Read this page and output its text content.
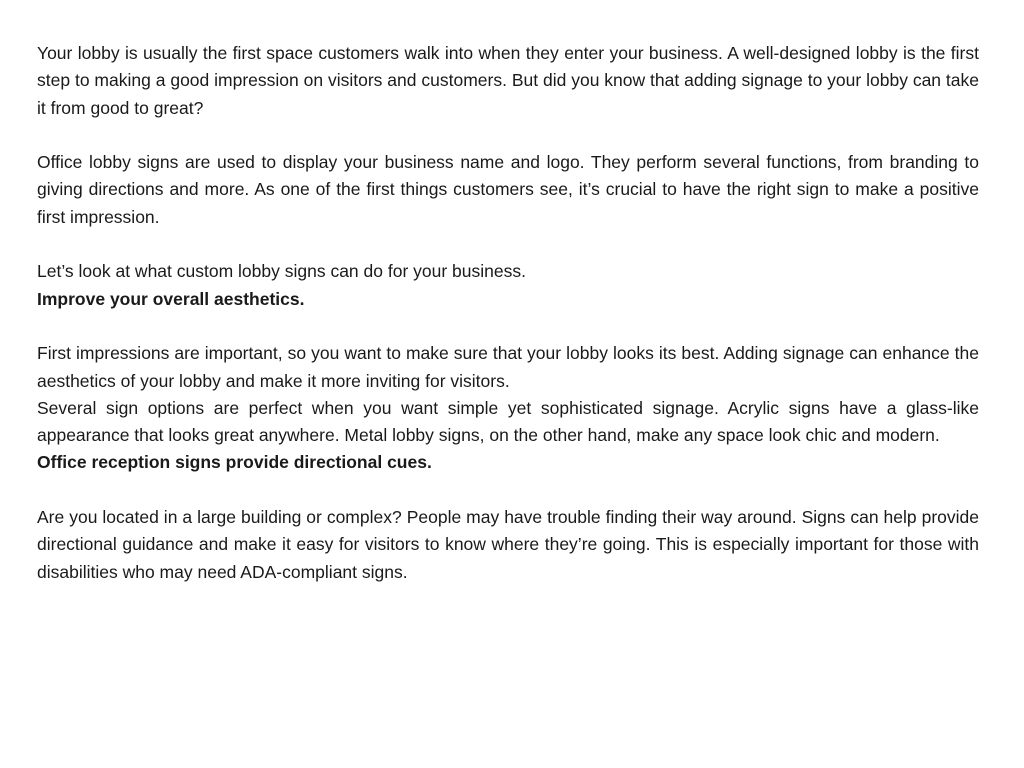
Your lobby is usually the first space customers walk into when they enter your business. A well-designed lobby is the first step to making a good impression on visitors and customers. But did you know that adding signage to your lobby can take it from good to great?

Office lobby signs are used to display your business name and logo. They perform several functions, from branding to giving directions and more. As one of the first things customers see, it’s crucial to have the right sign to make a positive first impression.

Let’s look at what custom lobby signs can do for your business.

Improve your overall aesthetics.

First impressions are important, so you want to make sure that your lobby looks its best. Adding signage can enhance the aesthetics of your lobby and make it more inviting for visitors.

Several sign options are perfect when you want simple yet sophisticated signage. Acrylic signs have a glass-like appearance that looks great anywhere. Metal lobby signs, on the other hand, make any space look chic and modern.

Office reception signs provide directional cues.

Are you located in a large building or complex? People may have trouble finding their way around. Signs can help provide directional guidance and make it easy for visitors to know where they’re going. This is especially important for those with disabilities who may need ADA-compliant signs.
